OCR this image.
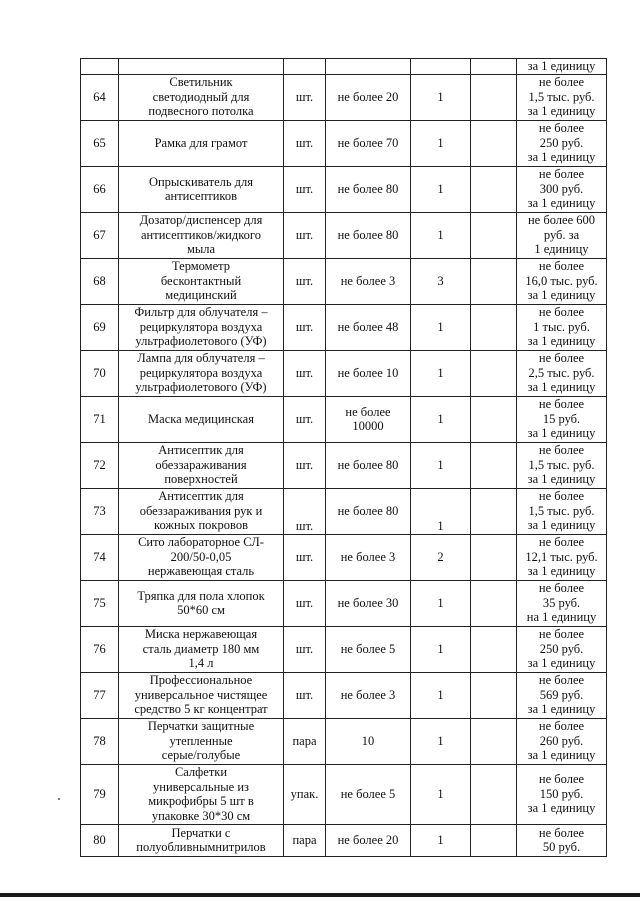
						за 1 единицу
64	Светильник
светодиодный для
подвесного потолка	шт.	не более 20	1		не более
1,5 тыс. руб.
за 1 единицу
65	Рамка для грамот	шт.	не более 70	1		не более
250 руб.
за 1 единицу
66	Опрыскиватель для
антисептиков	шт.	не более 80	1		не более
300 руб.
за 1 единицу
67	Дозатор/диспенсер для
антисептиков/жидкого
мыла	шт.	не более 80	1		не более 600
руб. за
1 единицу
68	Термометр
бесконтактный
медицинский	шт.	не более 3	3		не более
16,0 тыс. руб.
за 1 единицу
69	Фильтр для облучателя –
рециркулятора воздуха
ультрафиолетового (УФ)	шт.	не более 48	1		не более
1 тыс. руб.
за 1 единицу
70	Лампа для облучателя –
рециркулятора воздуха
ультрафиолетового (УФ)	шт.	не более 10	1		не более
2,5 тыс. руб.
за 1 единицу
71	Маска медицинская	шт.	не более
10000	1		не более
15 руб.
за 1 единицу
72	Антисептик для
обеззараживания
поверхностей	шт.	не более 80	1		не более
1,5 тыс. руб.
за 1 единицу
73	Антисептик для
обеззараживания рук и
кожных покровов	шт.	не более 80	1		не более
1,5 тыс. руб.
за 1 единицу
74	Сито лабораторное СЛ-
200/50-0,05
нержавеющая сталь	шт.	не более 3	2		не более
12,1 тыс. руб.
за 1 единицу
75	Тряпка для пола хлопок
50*60 см	шт.	не более 30	1		не более
35 руб.
на 1 единицу
76	Миска нержавеющая
сталь диаметр 180 мм
1,4 л	шт.	не более 5	1		не более
250 руб.
за 1 единицу
77	Профессиональное
универсальное чистящее
средство 5 кг концентрат	шт.	не более 3	1		не более
569 руб.
за 1 единицу
78	Перчатки защитные
утепленные
серые/голубые	пара	10	1		не более
260 руб.
за 1 единицу
79	Салфетки
универсальные из
микрофибры 5 шт в
упаковке 30*30 см	упак.	не более 5	1		не более
150 руб.
за 1 единицу
80	Перчатки с
полуобливнымнитрилов	пара	не более 20	1		не более
50 руб.
